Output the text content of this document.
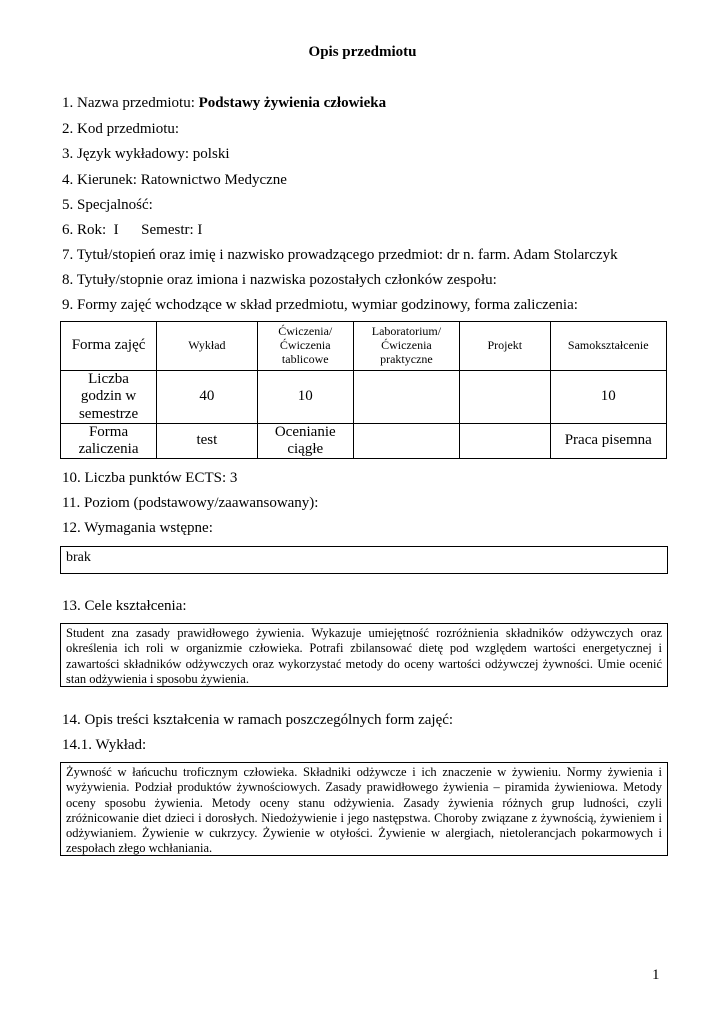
Opis przedmiotu
1. Nazwa przedmiotu: Podstawy żywienia człowieka
2. Kod przedmiotu:
3. Język wykładowy: polski
4. Kierunek: Ratownictwo Medyczne
5. Specjalność:
6. Rok:  I      Semestr: I
7. Tytuł/stopień oraz imię i nazwisko prowadzącego przedmiot: dr n. farm. Adam Stolarczyk
8. Tytuły/stopnie oraz imiona i nazwiska pozostałych członków zespołu:
9. Formy zajęć wchodzące w skład przedmiotu, wymiar godzinowy, forma zaliczenia:
Forma zajęć	Wykład	Ćwiczenia/
Ćwiczenia
tablicowe	Laboratorium/
Ćwiczenia
praktyczne	Projekt	Samokształcenie
Liczba
godzin w
semestrze	40	10			10
Forma
zaliczenia	test	Ocenianie
ciągłe			Praca pisemna
10. Liczba punktów ECTS: 3
11. Poziom (podstawowy/zaawansowany):
12. Wymagania wstępne:
brak
13. Cele kształcenia:
Student zna zasady prawidłowego żywienia. Wykazuje umiejętność rozróżnienia składników odżywczych oraz określenia ich roli w organizmie człowieka. Potrafi zbilansować dietę pod względem wartości energetycznej i zawartości składników odżywczych oraz wykorzystać metody do oceny wartości odżywczej żywności. Umie ocenić stan odżywienia i sposobu żywienia.
14. Opis treści kształcenia w ramach poszczególnych form zajęć:
14.1. Wykład:
Żywność w łańcuchu troficznym człowieka. Składniki odżywcze i ich znaczenie w żywieniu. Normy żywienia i wyżywienia. Podział produktów żywnościowych. Zasady prawidłowego żywienia – piramida żywieniowa. Metody oceny sposobu żywienia. Metody oceny stanu odżywienia. Zasady żywienia różnych grup ludności, czyli zróżnicowanie diet dzieci i dorosłych. Niedożywienie i jego następstwa. Choroby związane z żywnością, żywieniem i odżywianiem. Żywienie w cukrzycy. Żywienie w otyłości. Żywienie w alergiach, nietolerancjach pokarmowych i zespołach złego wchłaniania.
1
